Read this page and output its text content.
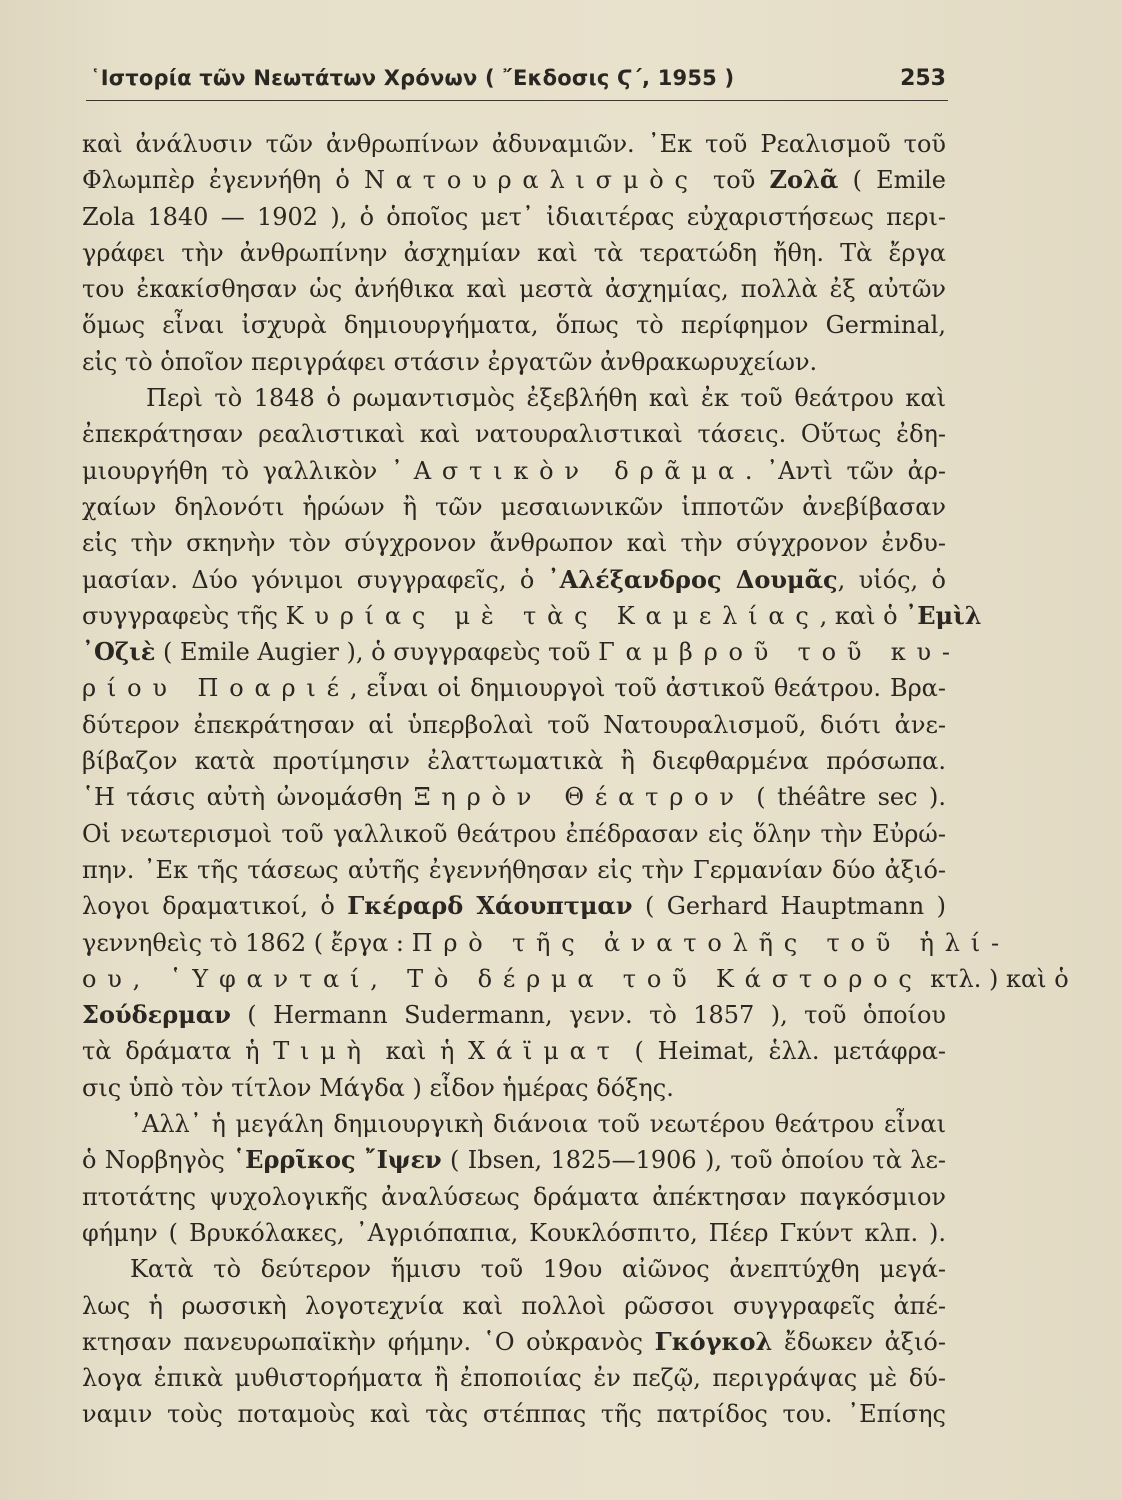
῾Ιστορία τῶν Νεωτάτων Χρόνων ( ῎Εκδοσις Ϛ΄, 1955 )	253
καὶ ἀνάλυσιν τῶν ἀνθρωπίνων ἀδυναμιῶν. ᾿Εκ τοῦ Ρεαλισμοῦ τοῦ
Φλωμπὲρ ἐγεννήθη ὁ Νατουραλισμὸς τοῦ Ζολᾶ ( Emile
Zola 1840 — 1902 ), ὁ ὁποῖος μετ᾿ ἰδιαιτέρας εὐχαριστήσεως περι-
γράφει τὴν ἀνθρωπίνην ἀσχημίαν καὶ τὰ τερατώδη ἤθη. Τὰ ἔργα
του ἐκακίσθησαν ὡς ἀνήθικα καὶ μεστὰ ἀσχημίας, πολλὰ ἐξ αὐτῶν
ὅμως εἶναι ἰσχυρὰ δημιουργήματα, ὅπως τὸ περίφημον Germinal,
εἰς τὸ ὁποῖον περιγράφει στάσιν ἐργατῶν ἀνθρακωρυχείων.
Περὶ τὸ 1848 ὁ ρωμαντισμὸς ἐξεβλήθη καὶ ἐκ τοῦ θεάτρου καὶ
ἐπεκράτησαν ρεαλιστικαὶ καὶ νατουραλιστικαὶ τάσεις. Οὕτως ἐδη-
μιουργήθη τὸ γαλλικὸν ᾿Αστικὸν δρᾶμα. ᾿Αντὶ τῶν ἀρ-
χαίων δηλονότι ἡρώων ἢ τῶν μεσαιωνικῶν ἱπποτῶν ἀνεβίβασαν
εἰς τὴν σκηνὴν τὸν σύγχρονον ἄνθρωπον καὶ τὴν σύγχρονον ἐνδυ-
μασίαν. Δύο γόνιμοι συγγραφεῖς, ὁ ᾿Αλέξανδρος Δουμᾶς, υἱός, ὁ
συγγραφεὺς τῆς Κυρίας μὲ τὰς Καμελίας, καὶ ὁ ᾿Εμὶλ
᾿Οζιὲ ( Emile Augier ), ὁ συγγραφεὺς τοῦ Γαμβροῦ τοῦ κυ-
ρίου Ποαριέ, εἶναι οἱ δημιουργοὶ τοῦ ἀστικοῦ θεάτρου. Βρα-
δύτερον ἐπεκράτησαν αἱ ὑπερβολαὶ τοῦ Νατουραλισμοῦ, διότι ἀνε-
βίβαζον κατὰ προτίμησιν ἐλαττωματικὰ ἢ διεφθαρμένα πρόσωπα.
῾Η τάσις αὐτὴ ὠνομάσθη Ξηρὸν Θέατρον ( théâtre sec ).
Οἱ νεωτερισμοὶ τοῦ γαλλικοῦ θεάτρου ἐπέδρασαν εἰς ὅλην τὴν Εὐρώ-
πην. ᾿Εκ τῆς τάσεως αὐτῆς ἐγεννήθησαν εἰς τὴν Γερμανίαν δύο ἀξιό-
λογοι δραματικοί, ὁ Γκέραρδ Χάουπτμαν ( Gerhard Hauptmann )
γεννηθεὶς τὸ 1862 ( ἔργα : Πρὸ τῆς ἀνατολῆς τοῦ ἡλί-
ου, ῾Υφανταί, Τὸ δέρμα τοῦ Κάστορος κτλ. ) καὶ ὁ
Σούδερμαν ( Hermann Sudermann, γενν. τὸ 1857 ), τοῦ ὁποίου
τὰ δράματα ἡ Τιμὴ καὶ ἡ Χάϊματ ( Heimat, ἑλλ. μετάφρα-
σις ὑπὸ τὸν τίτλον Μάγδα ) εἶδον ἡμέρας δόξης.
᾿Αλλ᾿ ἡ μεγάλη δημιουργικὴ διάνοια τοῦ νεωτέρου θεάτρου εἶναι
ὁ Νορβηγὸς ῾Ερρῖκος ῎Ιψεν ( Ibsen, 1825—1906 ), τοῦ ὁποίου τὰ λε-
πτοτάτης ψυχολογικῆς ἀναλύσεως δράματα ἀπέκτησαν παγκόσμιον
φήμην ( Βρυκόλακες, ᾿Αγριόπαπια, Κουκλόσπιτο, Πέερ Γκύντ κλπ. ).
Κατὰ τὸ δεύτερον ἥμισυ τοῦ 19ου αἰῶνος ἀνεπτύχθη μεγά-
λως ἡ ρωσσικὴ λογοτεχνία καὶ πολλοὶ ρῶσσοι συγγραφεῖς ἀπέ-
κτησαν πανευρωπαϊκὴν φήμην. ῾Ο οὐκρανὸς Γκόγκολ ἔδωκεν ἀξιό-
λογα ἐπικὰ μυθιστορήματα ἢ ἐποποιίας ἐν πεζῷ, περιγράψας μὲ δύ-
ναμιν τοὺς ποταμοὺς καὶ τὰς στέππας τῆς πατρίδος του. ᾿Επίσης
